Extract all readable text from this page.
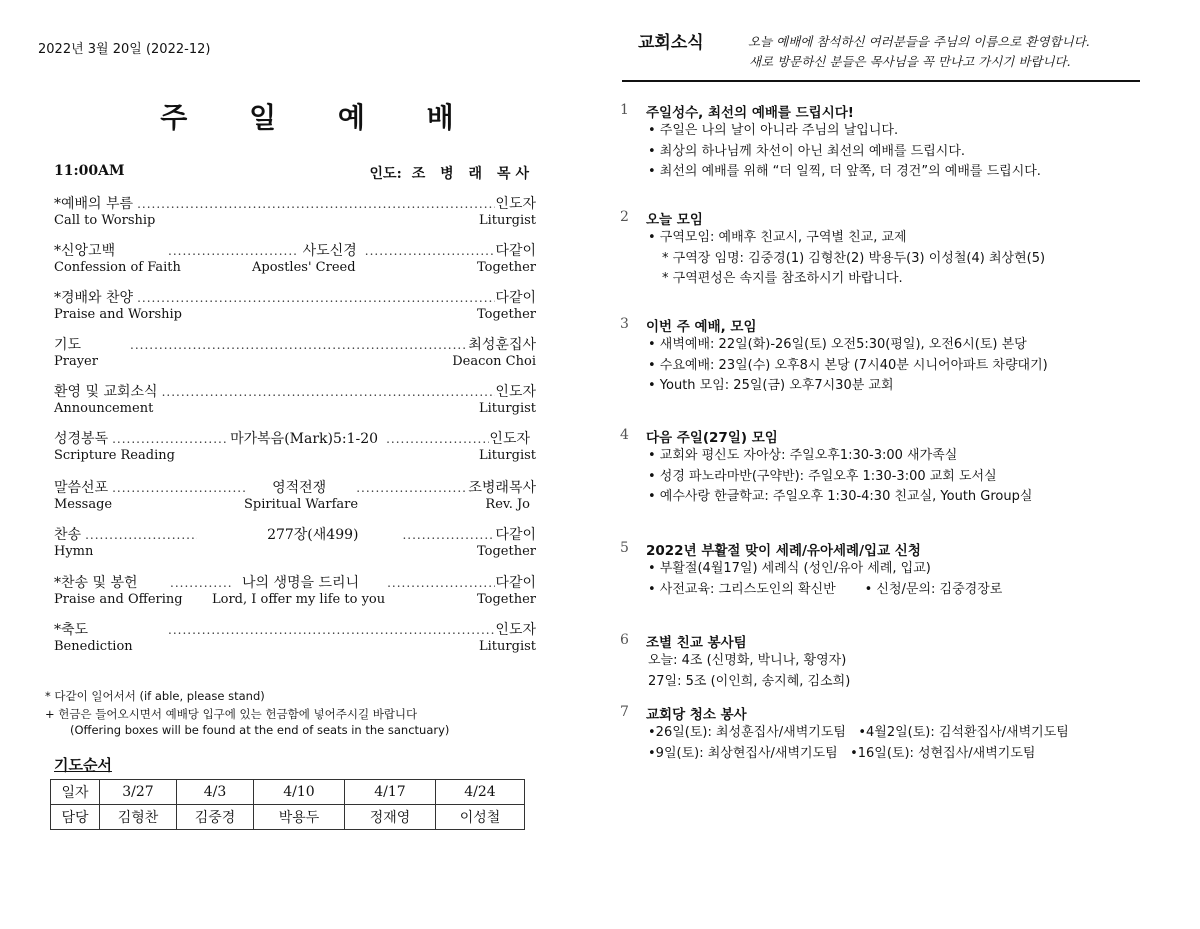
2022년 3월 20일 (2022-12)
주 일 예 배
11:00AM	인도: 조 병 래 목사
*예배의 부름 .....	인도자
Call to Worship	Liturgist
*신앙고백 .....	사도신경 .....	다같이
Confession of Faith	Apostles' Creed	Together
*경배와 찬양 .....	다같이
Praise and Worship	Together
기도 .....	최성훈집사
Prayer	Deacon Choi
환영 및 교회소식 .....	인도자
Announcement	Liturgist
성경봉독 .....	마가복음(Mark)5:1-20 .....	인도자
Scripture Reading	Liturgist
말씀선포 .....	영적전쟁 .....	조병래목사
Message	Spiritual Warfare	Rev. Jo
찬송 .....	277장(새499) .....	다같이
Hymn	Together
*찬송 및 봉헌 .....	나의 생명을 드리니 .....	다같이
Praise and Offering	Lord, I offer my life to you	Together
*축도 .....	인도자
Benediction	Liturgist
* 다같이 일어서서 (if able, please stand)
+ 헌금은 들어오시면서 예배당 입구에 있는 헌금함에 넣어주시길 바랍니다
(Offering boxes will be found at the end of seats in the sanctuary)
기도순서
일자	3/27	4/3	4/10	4/17	4/24
담당	김형찬	김중경	박용두	정재영	이성철
교회소식	오늘 예배에 참석하신 여러분들을 주님의 이름으로 환영합니다.
새로 방문하신 분들은 목사님을 꼭 만나고 가시기 바랍니다.
1 주일성수, 최선의 예배를 드립시다!
• 주일은 나의 날이 아니라 주님의 날입니다.
• 최상의 하나님께 차선이 아닌 최선의 예배를 드립시다.
• 최선의 예배를 위해 “더 일찍, 더 앞쪽, 더 경건”의 예배를 드립시다.
2 오늘 모임
• 구역모임: 예배후 친교시, 구역별 친교, 교제
* 구역장 임명: 김중경(1) 김형찬(2) 박용두(3) 이성철(4) 최상현(5)
* 구역편성은 속지를 참조하시기 바랍니다.
3 이번 주 예배, 모임
• 새벽예배: 22일(화)-26일(토) 오전5:30(평일), 오전6시(토) 본당
• 수요예배: 23일(수) 오후8시 본당 (7시40분 시니어아파트 차량대기)
• Youth 모임: 25일(금) 오후7시30분 교회
4 다음 주일(27일) 모임
• 교회와 평신도 자아상: 주일오후1:30-3:00 새가족실
• 성경 파노라마반(구약반): 주일오후 1:30-3:00 교회 도서실
• 예수사랑 한글학교: 주일오후 1:30-4:30 친교실, Youth Group실
5 2022년 부활절 맞이 세례/유아세례/입교 신청
• 부활절(4월17일) 세례식 (성인/유아 세례, 입교)
• 사전교육: 그리스도인의 확신반       • 신청/문의: 김중경장로
6 조별 친교 봉사팀
오늘: 4조 (신명화, 박니나, 황영자)
27일: 5조 (이인희, 송지혜, 김소희)
7 교회당 청소 봉사
•26일(토): 최성훈집사/새벽기도팀   •4월2일(토): 김석환집사/새벽기도팀
•9일(토): 최상현집사/새벽기도팀   •16일(토): 성현집사/새벽기도팀
